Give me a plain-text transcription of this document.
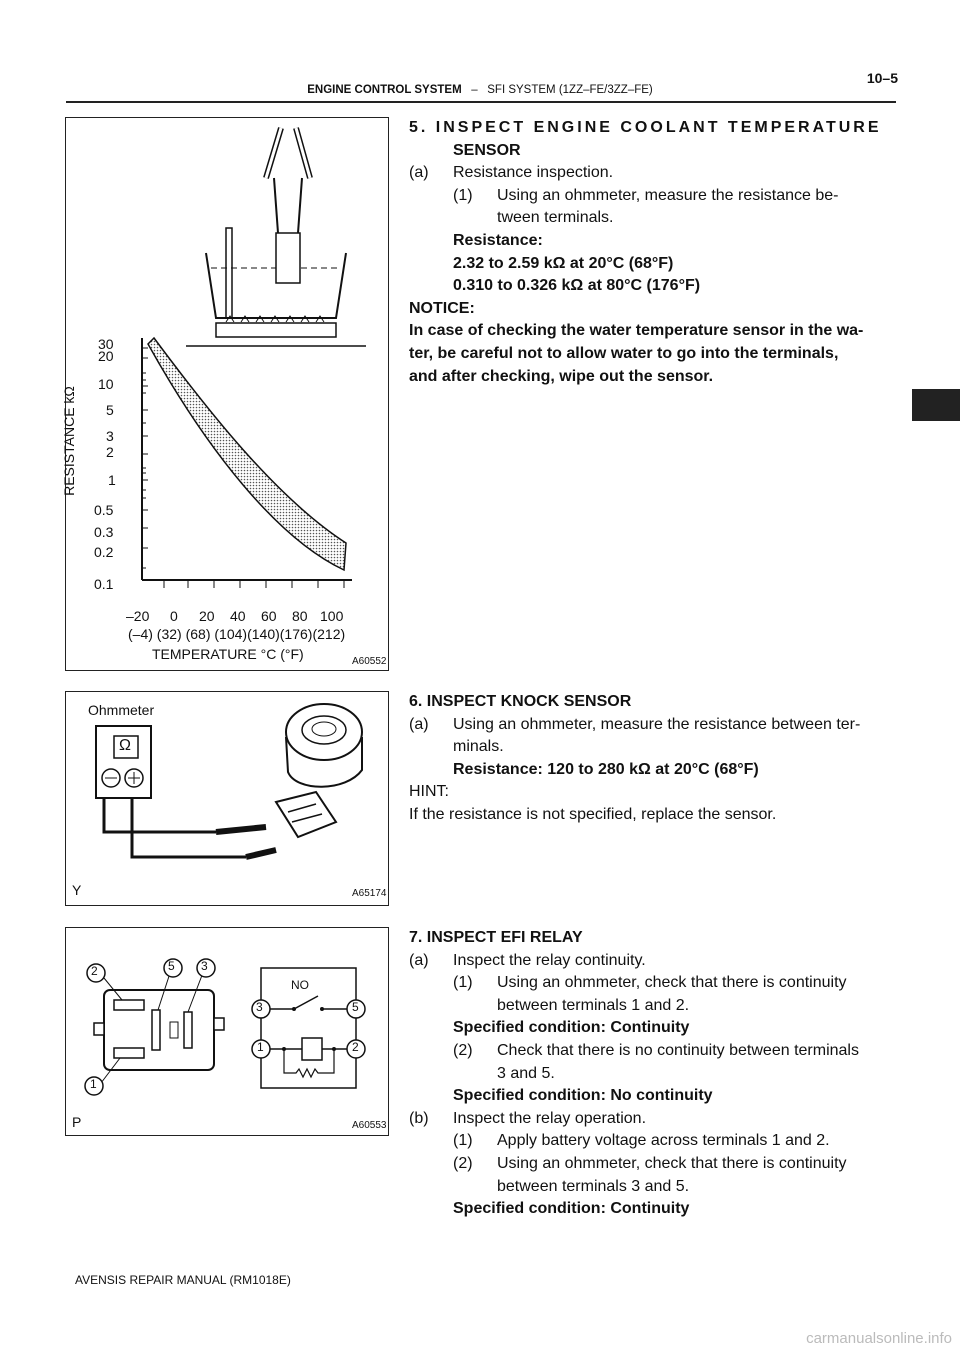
10–5
ENGINE CONTROL SYSTEM – SFI SYSTEM (1ZZ–FE/3ZZ–FE)
RESISTANCE kΩ
30
20
10
5
3
2
1
0.5
0.3
0.2
0.1
–20 0 20 40 60 80 100
(–4) (32) (68) (104)(140)(176)(212)
TEMPERATURE °C (°F)	A60552
5. INSPECT ENGINE COOLANT TEMPERATURE
SENSOR
(a)	Resistance inspection.
(1)	Using an ohmmeter, measure the resistance be-
tween terminals.
Resistance:
2.32 to 2.59 kΩ at 20°C (68°F)
0.310 to 0.326 kΩ at 80°C (176°F)
NOTICE:
In case of checking the water temperature sensor in the wa-
ter, be careful not to allow water to go into the terminals,
and after checking, wipe out the sensor.
Ohmmeter
Ω
Y	A65174
6. INSPECT KNOCK SENSOR
(a)	Using an ohmmeter, measure the resistance between ter-
minals.
Resistance: 120 to 280 kΩ at 20°C (68°F)
HINT:
If the resistance is not specified, replace the sensor.
2	5 3
1
3	5
1	2
NO
P	A60553
7. INSPECT EFI RELAY
(a)	Inspect the relay continuity.
(1)	Using an ohmmeter, check that there is continuity
between terminals 1 and 2.
Specified condition: Continuity
(2)	Check that there is no continuity between terminals
3 and 5.
Specified condition: No continuity
(b)	Inspect the relay operation.
(1)	Apply battery voltage across terminals 1 and 2.
(2)	Using an ohmmeter, check that there is continuity
between terminals 3 and 5.
Specified condition: Continuity
AVENSIS REPAIR MANUAL (RM1018E)
carmanualsonline.info
